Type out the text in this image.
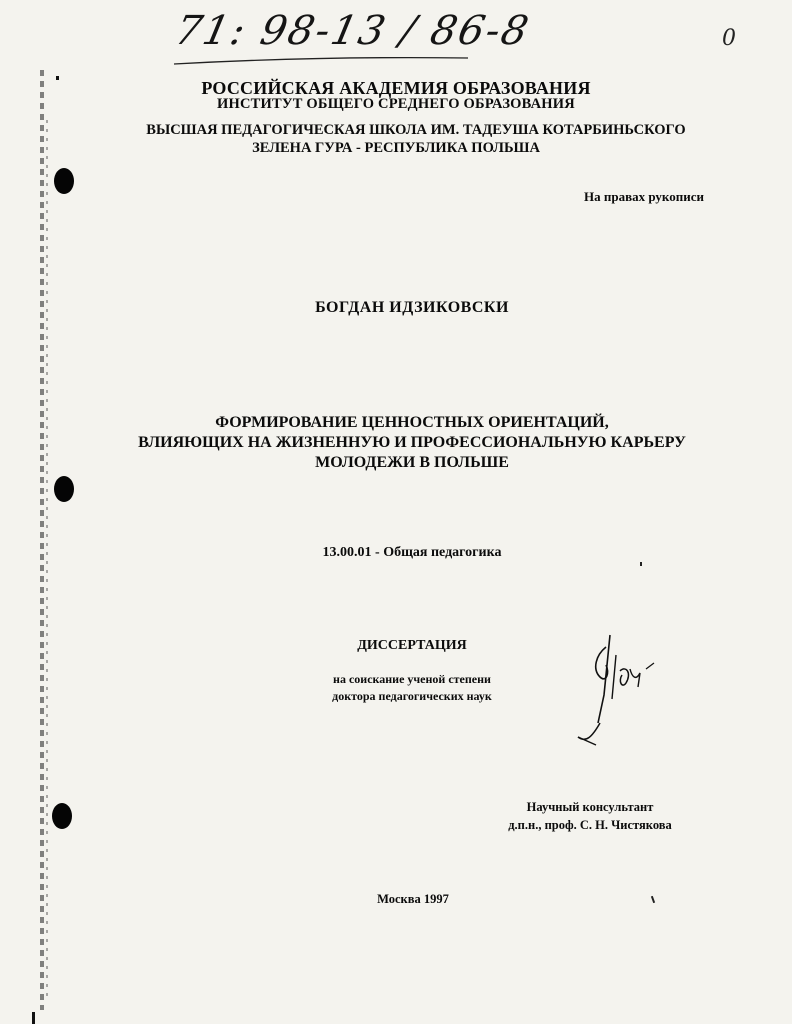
71: 98-13 / 86-8	0
РОССИЙСКАЯ АКАДЕМИЯ ОБРАЗОВАНИЯ
ИНСТИТУТ ОБЩЕГО СРЕДНЕГО ОБРАЗОВАНИЯ
ВЫСШАЯ ПЕДАГОГИЧЕСКАЯ ШКОЛА ИМ. ТАДЕУША КОТАРБИНЬСКОГО
ЗЕЛЕНА ГУРА - РЕСПУБЛИКА ПОЛЬША
На правах рукописи
БОГДАН ИДЗИКОВСКИ
ФОРМИРОВАНИЕ ЦЕННОСТНЫХ ОРИЕНТАЦИЙ,
ВЛИЯЮЩИХ НА ЖИЗНЕННУЮ И ПРОФЕССИОНАЛЬНУЮ КАРЬЕРУ
МОЛОДЕЖИ В ПОЛЬШЕ
13.00.01 - Общая педагогика
ДИССЕРТАЦИЯ
на соискание ученой степени
доктора педагогических наук
Научный консультант
д.п.н., проф. С. Н. Чистякова
Москва 1997
